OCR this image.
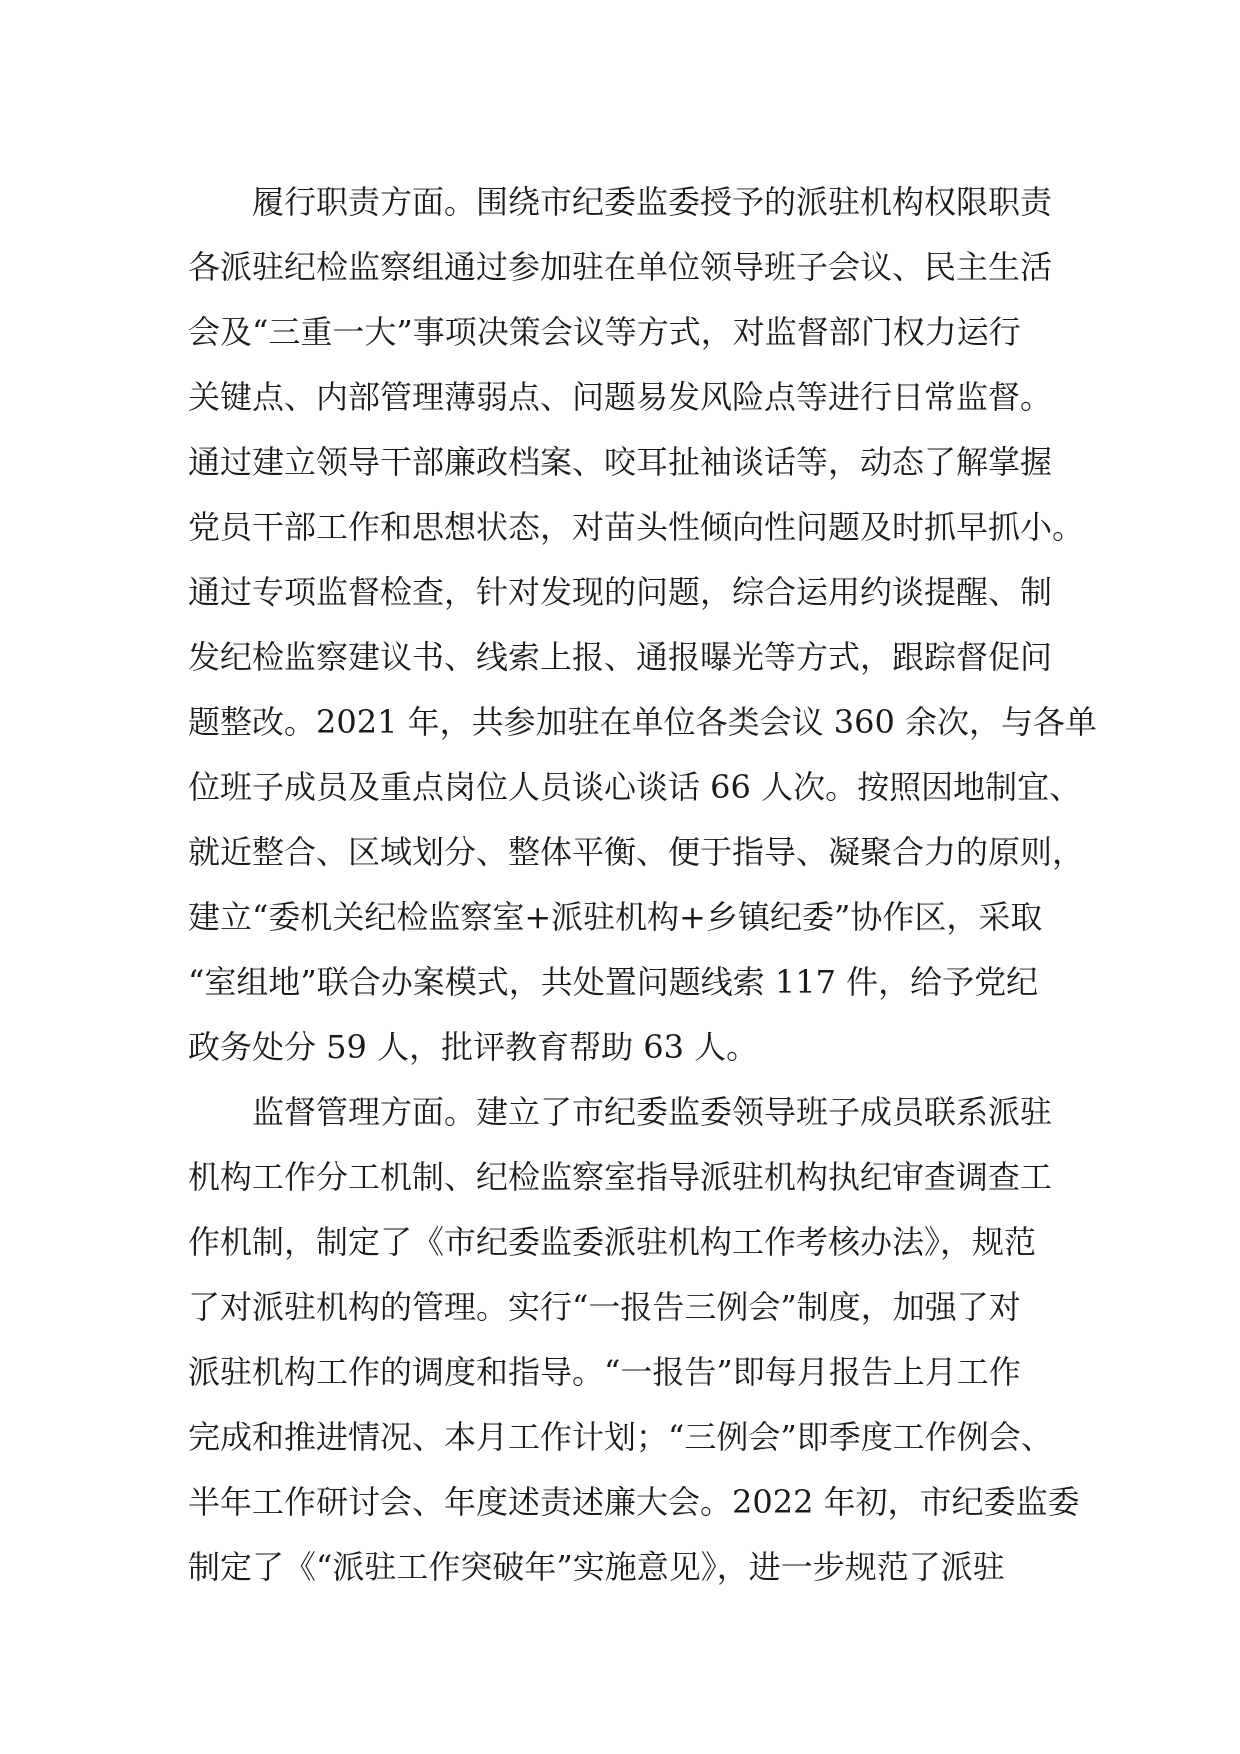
履行职责方面。围绕市纪委监委授予的派驻机构权限职责
各派驻纪检监察组通过参加驻在单位领导班子会议、民主生活
会及“三重一大”事项决策会议等方式，对监督部门权力运行
关键点、内部管理薄弱点、问题易发风险点等进行日常监督。
通过建立领导干部廉政档案、咬耳扯袖谈话等，动态了解掌握
党员干部工作和思想状态，对苗头性倾向性问题及时抓早抓小。
通过专项监督检查，针对发现的问题，综合运用约谈提醒、制
发纪检监察建议书、线索上报、通报曝光等方式，跟踪督促问
题整改。2021 年，共参加驻在单位各类会议 360 余次，与各单
位班子成员及重点岗位人员谈心谈话 66 人次。按照因地制宜、
就近整合、区域划分、整体平衡、便于指导、凝聚合力的原则，
建立“委机关纪检监察室+派驻机构+乡镇纪委”协作区，采取
“室组地”联合办案模式，共处置问题线索 117 件，给予党纪
政务处分 59 人，批评教育帮助 63 人。
监督管理方面。建立了市纪委监委领导班子成员联系派驻
机构工作分工机制、纪检监察室指导派驻机构执纪审查调查工
作机制，制定了《市纪委监委派驻机构工作考核办法》，规范
了对派驻机构的管理。实行“一报告三例会”制度，加强了对
派驻机构工作的调度和指导。“一报告”即每月报告上月工作
完成和推进情况、本月工作计划；“三例会”即季度工作例会、
半年工作研讨会、年度述责述廉大会。2022 年初，市纪委监委
制定了《“派驻工作突破年”实施意见》，进一步规范了派驻
